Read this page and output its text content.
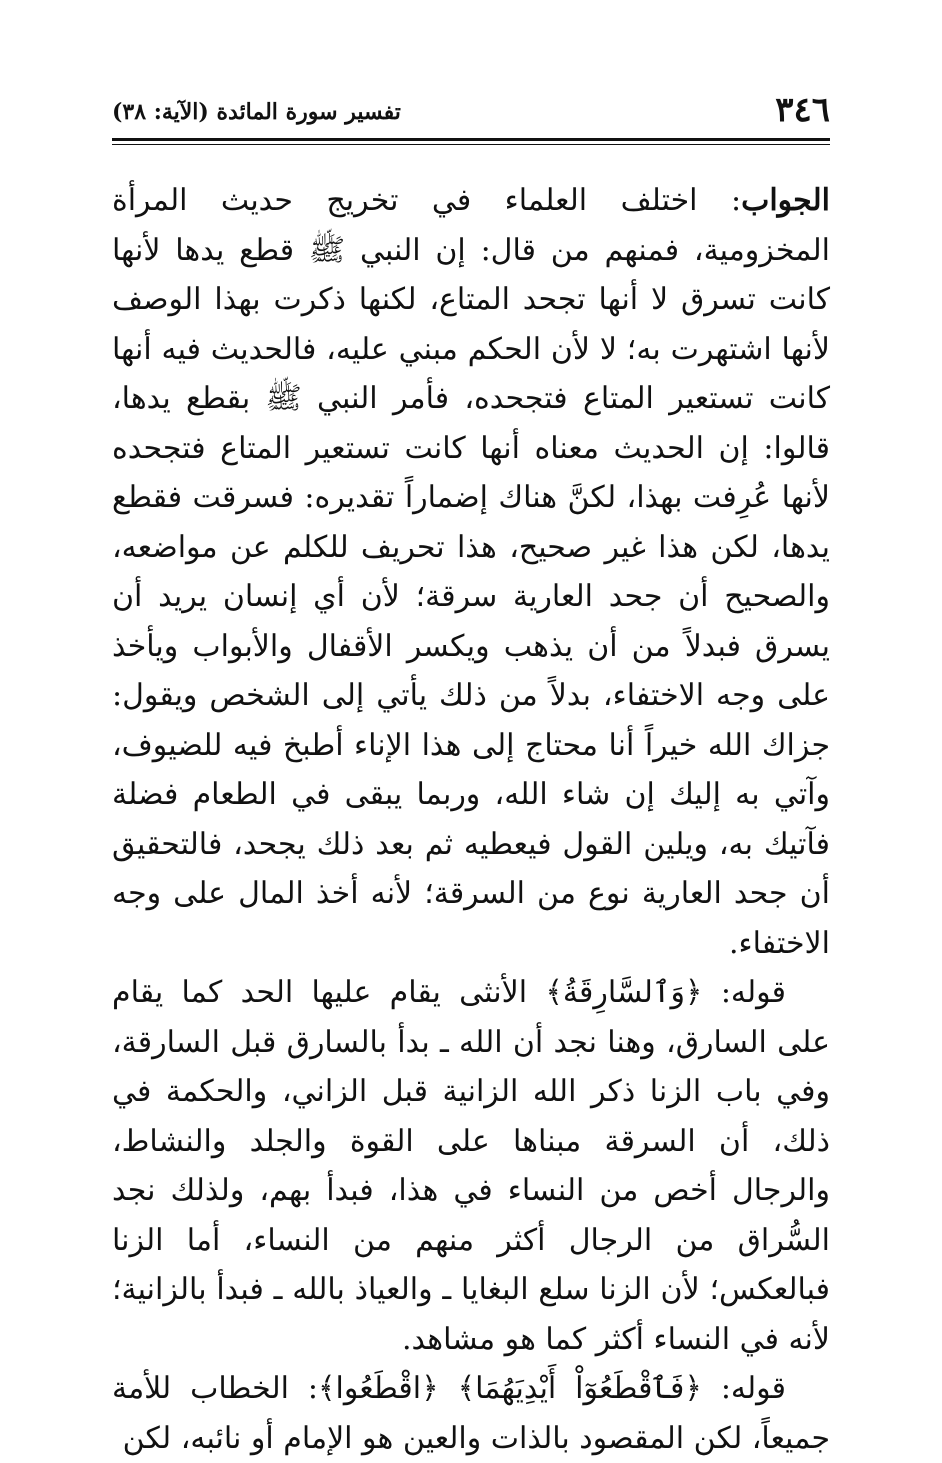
٣٤٦
تفسير سورة المائدة (الآية: ٣٨)

الجواب: اختلف العلماء في تخريج حديث المرأة المخزومية، فمنهم من قال: إن النبي ﷺ قطع يدها لأنها كانت تسرق لا أنها تجحد المتاع، لكنها ذكرت بهذا الوصف لأنها اشتهرت به؛ لا لأن الحكم مبني عليه، فالحديث فيه أنها كانت تستعير المتاع فتجحده، فأمر النبي ﷺ بقطع يدها، قالوا: إن الحديث معناه أنها كانت تستعير المتاع فتجحده لأنها عُرِفت بهذا، لكنَّ هناك إضماراً تقديره: فسرقت فقطع يدها، لكن هذا غير صحيح، هذا تحريف للكلم عن مواضعه، والصحيح أن جحد العارية سرقة؛ لأن أي إنسان يريد أن يسرق فبدلاً من أن يذهب ويكسر الأقفال والأبواب ويأخذ على وجه الاختفاء، بدلاً من ذلك يأتي إلى الشخص ويقول: جزاك الله خيراً أنا محتاج إلى هذا الإناء أطبخ فيه للضيوف، وآتي به إليك إن شاء الله، وربما يبقى في الطعام فضلة فآتيك به، ويلين القول فيعطيه ثم بعد ذلك يجحد، فالتحقيق أن جحد العارية نوع من السرقة؛ لأنه أخذ المال على وجه الاختفاء.

قوله: ﴿وَٱلسَّارِقَةُ﴾ الأنثى يقام عليها الحد كما يقام على السارق، وهنا نجد أن الله ـ بدأ بالسارق قبل السارقة، وفي باب الزنا ذكر الله الزانية قبل الزاني، والحكمة في ذلك، أن السرقة مبناها على القوة والجلد والنشاط، والرجال أخص من النساء في هذا، فبدأ بهم، ولذلك نجد السُّراق من الرجال أكثر منهم من النساء، أما الزنا فبالعكس؛ لأن الزنا سلع البغايا ـ والعياذ بالله ـ فبدأ بالزانية؛ لأنه في النساء أكثر كما هو مشاهد.

قوله: ﴿فَٱقْطَعُوٓاْ أَيْدِيَهُمَا﴾ ﴿اقْطَعُوا﴾: الخطاب للأمة جميعاً، لكن المقصود بالذات والعين هو الإمام أو نائبه، لكن
